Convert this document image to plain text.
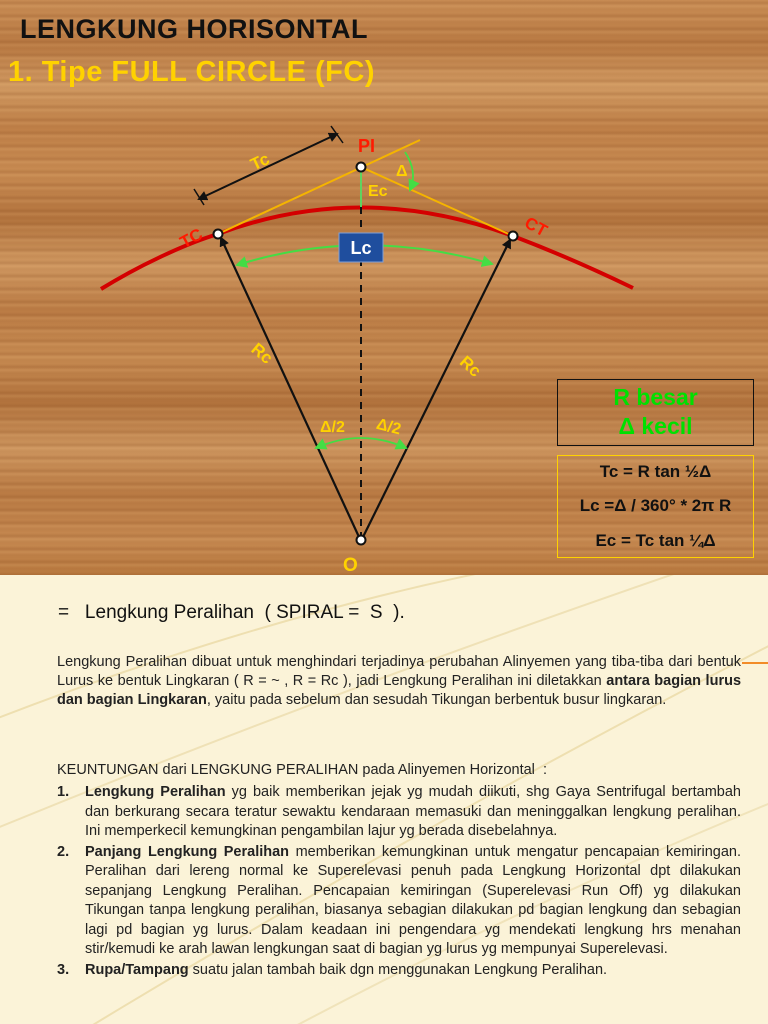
LENGKUNG HORISONTAL
1. Tipe FULL CIRCLE (FC)
Lc
PI
TC	CT
Tc
Ec
Δ
Rc	Rc
Δ/2 Δ/2
O
R besar
Δ kecil
Tc = R tan ½Δ
Lc =Δ / 360° * 2π R
Ec = Tc tan ¼Δ
=   Lengkung Peralihan  ( SPIRAL =  S  ).

Lengkung Peralihan dibuat untuk menghindari terjadinya perubahan Alinyemen yang tiba-tiba dari bentuk Lurus ke bentuk Lingkaran ( R = ~ , R = Rc ), jadi Lengkung Peralihan ini diletakkan antara bagian lurus dan bagian Lingkaran, yaitu pada sebelum dan sesudah Tikungan berbentuk busur lingkaran.

KEUNTUNGAN dari LENGKUNG PERALIHAN pada Alinyemen Horizontal  :
1. Lengkung Peralihan yg baik memberikan jejak yg mudah diikuti, shg Gaya Sentrifugal bertambah dan berkurang secara teratur sewaktu kendaraan memasuki dan meninggalkan lengkung peralihan. Ini memperkecil kemungkinan pengambilan lajur yg berada disebelahnya.
2. Panjang Lengkung Peralihan memberikan kemungkinan untuk mengatur pencapaian kemiringan. Peralihan dari lereng normal ke Superelevasi penuh pada Lengkung Horizontal dpt dilakukan sepanjang Lengkung Peralihan. Pencapaian kemiringan (Superelevasi Run Off) yg dilakukan Tikungan tanpa lengkung peralihan, biasanya sebagian dilakukan pd bagian lengkung dan sebagian lagi pd bagian yg lurus. Dalam keadaan ini pengendara yg mendekati lengkung hrs menahan stir/kemudi ke arah lawan lengkungan saat di bagian yg lurus yg mempunyai Superelevasi.
3. Rupa/Tampang suatu jalan tambah baik dgn menggunakan Lengkung Peralihan.
